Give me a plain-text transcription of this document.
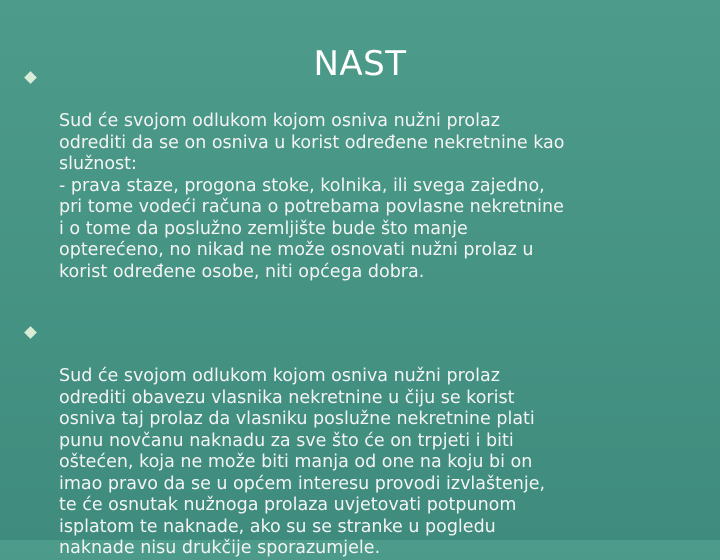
Sud će svojom odlukom kojom osniva nužni prolaz
odrediti da se on osniva u korist određene nekretnine kao
služnost:
- prava staze, progona stoke, kolnika, ili svega zajedno,
pri tome vodeći računa o potrebama povlasne nekretnine
i o tome da poslužno zemljište bude što manje
opterećeno, no nikad ne može osnovati nužni prolaz u
korist određene osobe, niti općega dobra.

Sud će svojom odlukom kojom osniva nužni prolaz
odrediti obavezu vlasnika nekretnine u čiju se korist
osniva taj prolaz da vlasniku poslužne nekretnine plati
punu novčanu naknadu za sve što će on trpjeti i biti
oštećen, koja ne može biti manja od one na koju bi on
imao pravo da se u općem interesu provodi izvlaštenje,
te će osnutak nužnoga prolaza uvjetovati potpunom
isplatom te naknade, ako su se stranke u pogledu
naknade nisu drukčije sporazumjele.

NAST
